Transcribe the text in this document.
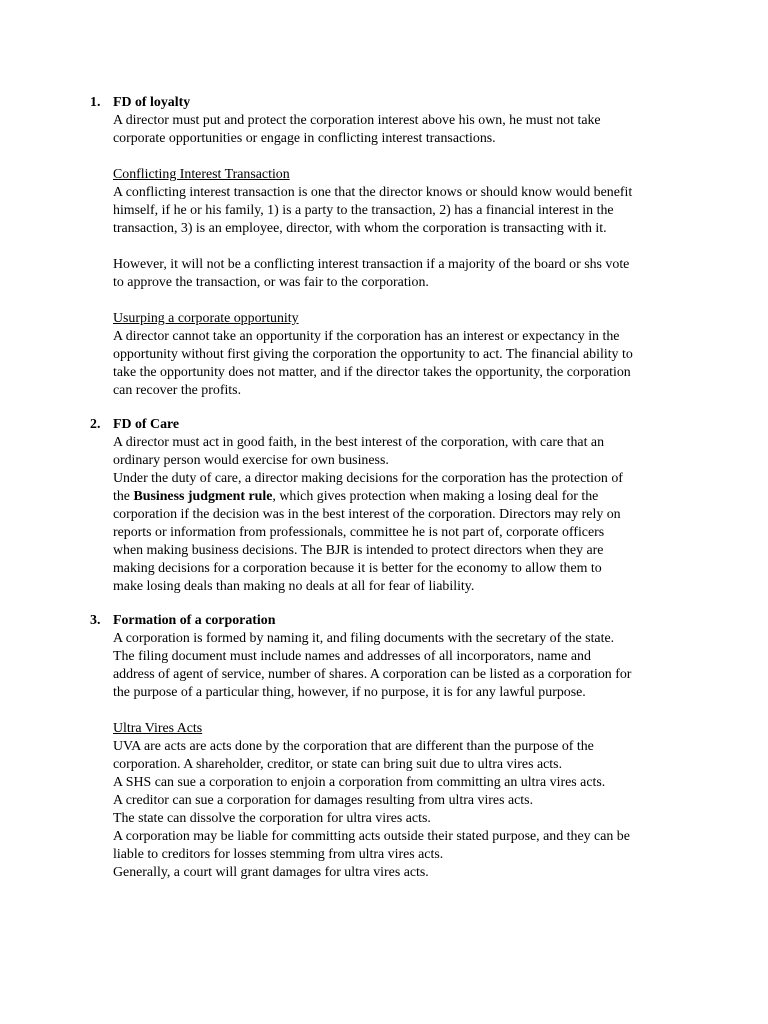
1. FD of loyalty
A director must put and protect the corporation interest above his own, he must not take
corporate opportunities or engage in conflicting interest transactions.
Conflicting Interest Transaction
A conflicting interest transaction is one that the director knows or should know would benefit
himself, if he or his family, 1) is a party to the transaction, 2) has a financial interest in the
transaction, 3) is an employee, director, with whom the corporation is transacting with it.
However, it will not be a conflicting interest transaction if a majority of the board or shs vote
to approve the transaction, or was fair to the corporation.
Usurping a corporate opportunity
A director cannot take an opportunity if the corporation has an interest or expectancy in the
opportunity without first giving the corporation the opportunity to act. The financial ability to
take the opportunity does not matter, and if the director takes the opportunity, the corporation
can recover the profits.
2. FD of Care
A director must act in good faith, in the best interest of the corporation, with care that an
ordinary person would exercise for own business.
Under the duty of care, a director making decisions for the corporation has the protection of
the Business judgment rule, which gives protection when making a losing deal for the
corporation if the decision was in the best interest of the corporation. Directors may rely on
reports or information from professionals, committee he is not part of, corporate officers
when making business decisions. The BJR is intended to protect directors when they are
making decisions for a corporation because it is better for the economy to allow them to
make losing deals than making no deals at all for fear of liability.
3. Formation of a corporation
A corporation is formed by naming it, and filing documents with the secretary of the state.
The filing document must include names and addresses of all incorporators, name and
address of agent of service, number of shares. A corporation can be listed as a corporation for
the purpose of a particular thing, however, if no purpose, it is for any lawful purpose.
Ultra Vires Acts
UVA are acts are acts done by the corporation that are different than the purpose of the
corporation. A shareholder, creditor, or state can bring suit due to ultra vires acts.
A SHS can sue a corporation to enjoin a corporation from committing an ultra vires acts.
A creditor can sue a corporation for damages resulting from ultra vires acts.
The state can dissolve the corporation for ultra vires acts.
A corporation may be liable for committing acts outside their stated purpose, and they can be
liable to creditors for losses stemming from ultra vires acts.
Generally, a court will grant damages for ultra vires acts.
